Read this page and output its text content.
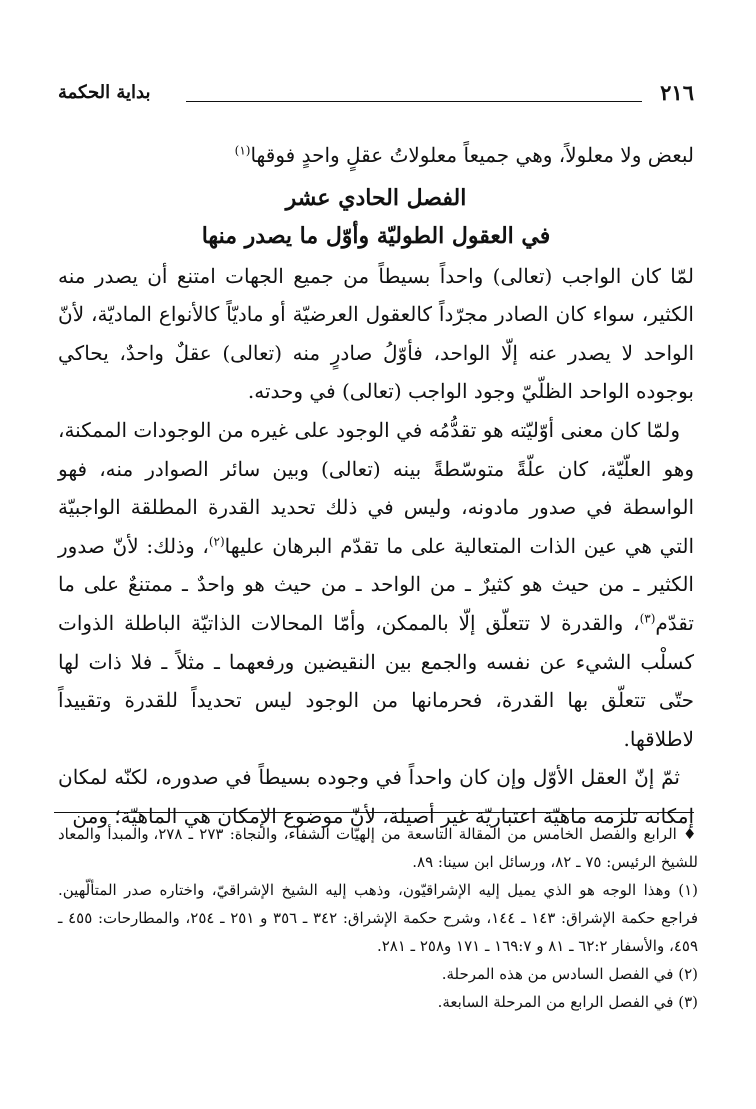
٢١٦
بداية الحكمة

لبعض ولا معلولاً، وهي جميعاً معلولاتُ عقلٍ واحدٍ فوقها$^{(١)}$

الفصل الحادي عشر
في العقول الطوليّة وأوّل ما يصدر منها

لمّا كان الواجب (تعالى) واحداً بسيطاً من جميع الجهات امتنع أن يصدر منه الكثير، سواء كان الصادر مجرّداً كالعقول العرضيّة أو ماديّاً كالأنواع الماديّة، لأنّ الواحد لا يصدر عنه إلّا الواحد، فأوّلُ صادرٍ منه (تعالى) عقلٌ واحدٌ، يحاكي بوجوده الواحد الظلّيّ وجود الواجب (تعالى) في وحدته.

ولمّا كان معنى أوّليّته هو تقدُّمُه في الوجود على غيره من الوجودات الممكنة، وهو العلّيّة، كان علّةً متوسّطةً بينه (تعالى) وبين سائر الصوادر منه، فهو الواسطة في صدور مادونه، وليس في ذلك تحديد القدرة المطلقة الواجبيّة التي هي عين الذات المتعالية على ما تقدّم البرهان عليها$^{(٢)}$، وذلك: لأنّ صدور الكثير ـ من حيث هو كثيرٌ ـ من الواحد ـ من حيث هو واحدٌ ـ ممتنعٌ على ما تقدّم$^{(٣)}$، والقدرة لا تتعلّق إلّا بالممكن، وأمّا المحالات الذاتيّة الباطلة الذوات كسلْب الشيء عن نفسه والجمع بين النقيضين ورفعهما ـ مثلاً ـ فلا ذات لها حتّى تتعلّق بها القدرة، فحرمانها من الوجود ليس تحديداً للقدرة وتقييداً لاطلاقها.

ثمّ إنّ العقل الأوّل وإن كان واحداً في وجوده بسيطاً في صدوره، لكنّه لمكان إمكانه تلزمه ماهيّة اعتباريّة غير أصيلة، لأنّ موضوع الإمكان هي الماهيّة؛ ومن

♦ الرابع والفصل الخامس من المقالة التاسعة من إلهيّات الشفاء، والنجاة: ٢٧٣ ـ ٢٧٨، والمبدأ والمعاد للشيخ الرئيس: ٧٥ ـ ٨٢، ورسائل ابن سينا: ٨٩.

(١) وهذا الوجه هو الذي يميل إليه الإشراقيّون، وذهب إليه الشيخ الإشراقيّ، واختاره صدر المتألّهين. فراجع حكمة الإشراق: ١٤٣ ـ ١٤٤، وشرح حكمة الإشراق: ٣٤٢ ـ ٣٥٦ و ٢٥١ ـ ٢٥٤، والمطارحات: ٤٥٥ ـ ٤٥٩، والأسفار ٦٢:٢ ـ ٨١ و ١٦٩:٧ ـ ١٧١ و٢٥٨ ـ ٢٨١.

(٢) في الفصل السادس من هذه المرحلة.

(٣) في الفصل الرابع من المرحلة السابعة.
